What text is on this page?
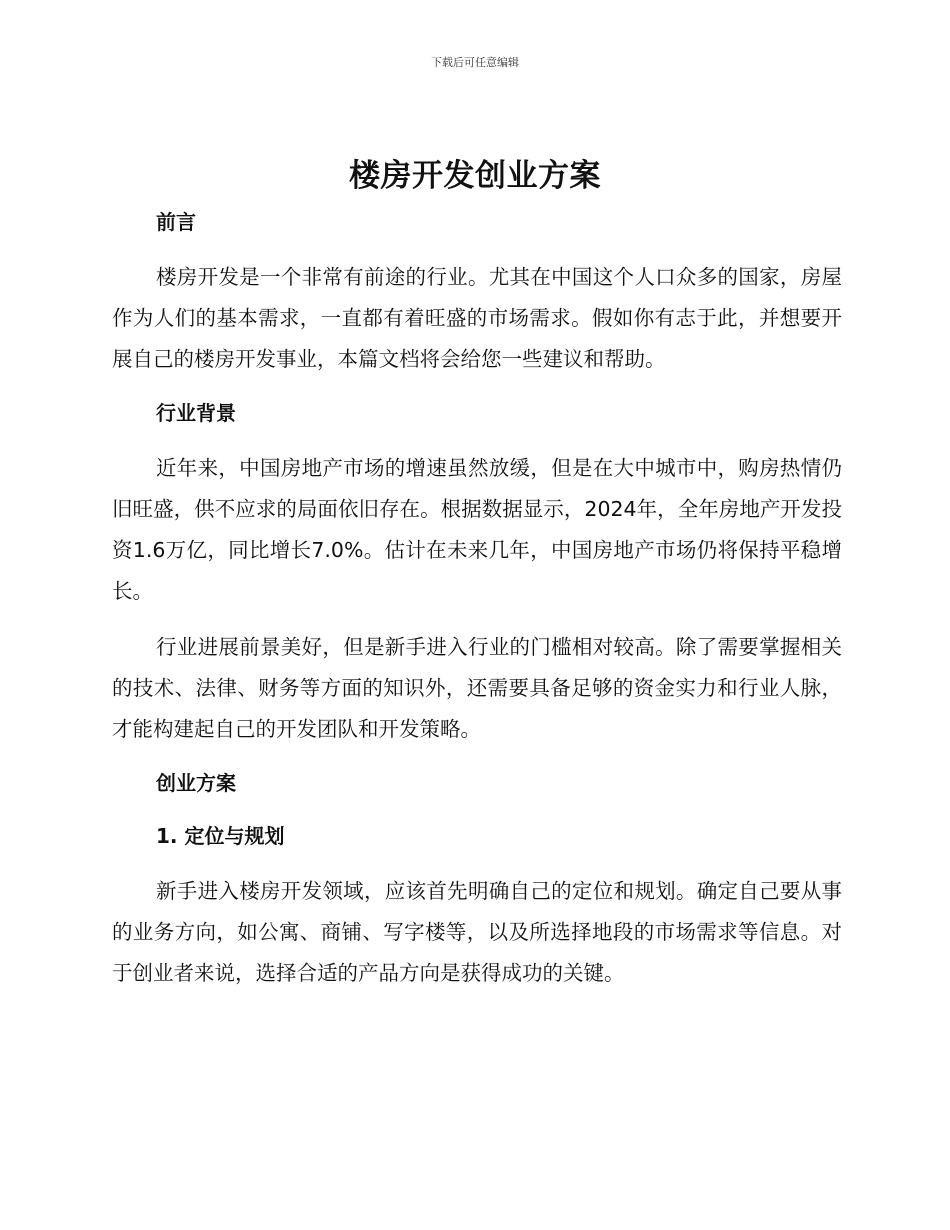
下载后可任意编辑
楼房开发创业方案
前言

楼房开发是一个非常有前途的行业。尤其在中国这个人口众多的国家，房屋作为人们的基本需求，一直都有着旺盛的市场需求。假如你有志于此，并想要开展自己的楼房开发事业，本篇文档将会给您一些建议和帮助。

行业背景

近年来，中国房地产市场的增速虽然放缓，但是在大中城市中，购房热情仍旧旺盛，供不应求的局面依旧存在。根据数据显示，2024年，全年房地产开发投资1.6万亿，同比增长7.0%。估计在未来几年，中国房地产市场仍将保持平稳增长。

行业进展前景美好，但是新手进入行业的门槛相对较高。除了需要掌握相关的技术、法律、财务等方面的知识外，还需要具备足够的资金实力和行业人脉，才能构建起自己的开发团队和开发策略。

创业方案
1. 定位与规划

新手进入楼房开发领域，应该首先明确自己的定位和规划。确定自己要从事的业务方向，如公寓、商铺、写字楼等，以及所选择地段的市场需求等信息。对于创业者来说，选择合适的产品方向是获得成功的关键。
